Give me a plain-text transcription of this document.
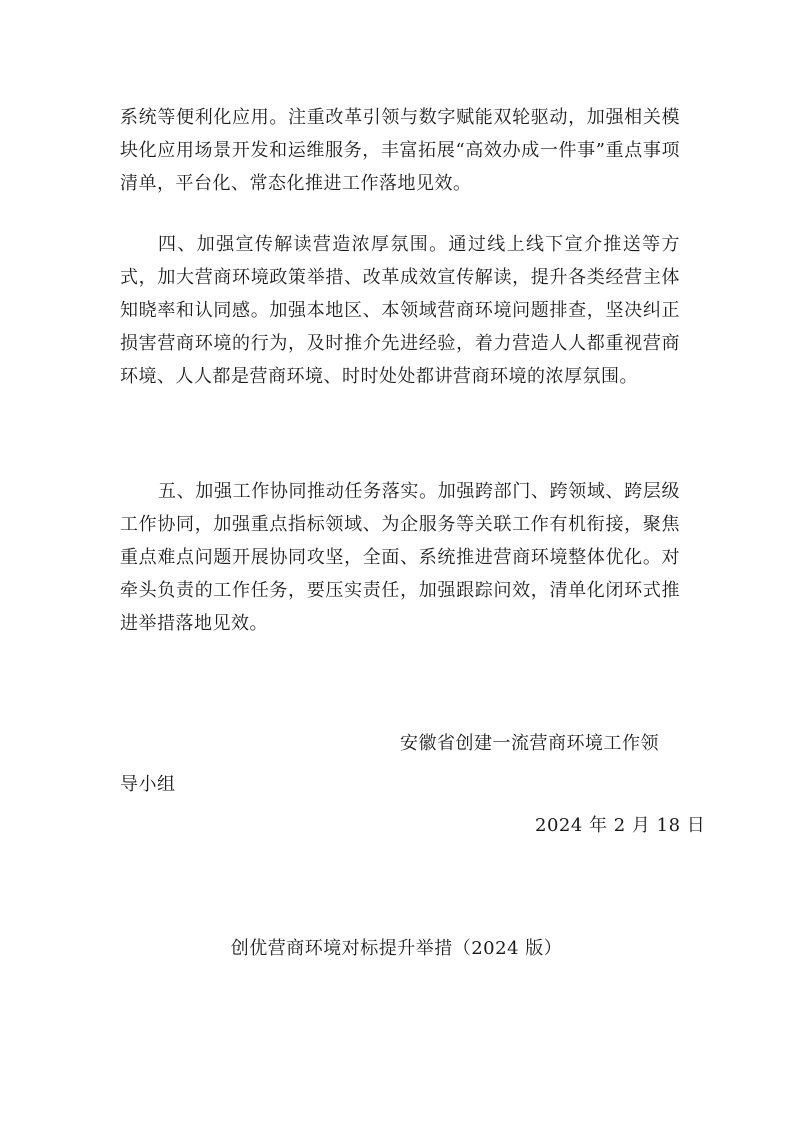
系统等便利化应用。注重改革引领与数字赋能双轮驱动，加强相关模块化应用场景开发和运维服务，丰富拓展“高效办成一件事”重点事项清单，平台化、常态化推进工作落地见效。

四、加强宣传解读营造浓厚氛围。通过线上线下宣介推送等方式，加大营商环境政策举措、改革成效宣传解读，提升各类经营主体知晓率和认同感。加强本地区、本领域营商环境问题排查，坚决纠正损害营商环境的行为，及时推介先进经验，着力营造人人都重视营商环境、人人都是营商环境、时时处处都讲营商环境的浓厚氛围。

五、加强工作协同推动任务落实。加强跨部门、跨领域、跨层级工作协同，加强重点指标领域、为企服务等关联工作有机衔接，聚焦重点难点问题开展协同攻坚，全面、系统推进营商环境整体优化。对牵头负责的工作任务，要压实责任，加强跟踪问效，清单化闭环式推进举措落地见效。

安徽省创建一流营商环境工作领
导小组
2024 年 2 月 18 日
创优营商环境对标提升举措（2024 版）
